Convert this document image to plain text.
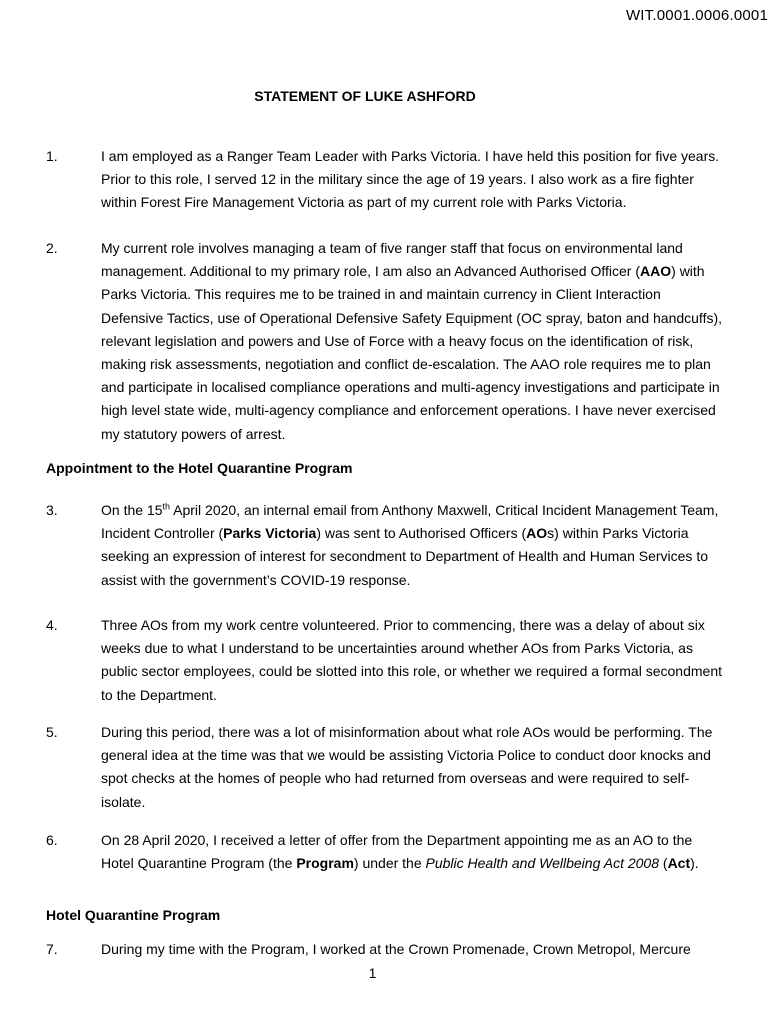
WIT.0001.0006.0001
STATEMENT OF LUKE ASHFORD
1.	I am employed as a Ranger Team Leader with Parks Victoria. I have held this position for five years. Prior to this role, I served 12 in the military since the age of 19 years. I also work as a fire fighter within Forest Fire Management Victoria as part of my current role with Parks Victoria.
2.	My current role involves managing a team of five ranger staff that focus on environmental land management. Additional to my primary role, I am also an Advanced Authorised Officer (AAO) with Parks Victoria. This requires me to be trained in and maintain currency in Client Interaction Defensive Tactics, use of Operational Defensive Safety Equipment (OC spray, baton and handcuffs), relevant legislation and powers and Use of Force with a heavy focus on the identification of risk, making risk assessments, negotiation and conflict de-escalation. The AAO role requires me to plan and participate in localised compliance operations and multi-agency investigations and participate in high level state wide, multi-agency compliance and enforcement operations. I have never exercised my statutory powers of arrest.
Appointment to the Hotel Quarantine Program
3.	On the 15th April 2020, an internal email from Anthony Maxwell, Critical Incident Management Team, Incident Controller (Parks Victoria) was sent to Authorised Officers (AOs) within Parks Victoria seeking an expression of interest for secondment to Department of Health and Human Services to assist with the government’s COVID-19 response.
4.	Three AOs from my work centre volunteered. Prior to commencing, there was a delay of about six weeks due to what I understand to be uncertainties around whether AOs from Parks Victoria, as public sector employees, could be slotted into this role, or whether we required a formal secondment to the Department.
5.	During this period, there was a lot of misinformation about what role AOs would be performing. The general idea at the time was that we would be assisting Victoria Police to conduct door knocks and spot checks at the homes of people who had returned from overseas and were required to self-isolate.
6.	On 28 April 2020, I received a letter of offer from the Department appointing me as an AO to the Hotel Quarantine Program (the Program) under the Public Health and Wellbeing Act 2008 (Act).
Hotel Quarantine Program
7.	During my time with the Program, I worked at the Crown Promenade, Crown Metropol, Mercure
1
